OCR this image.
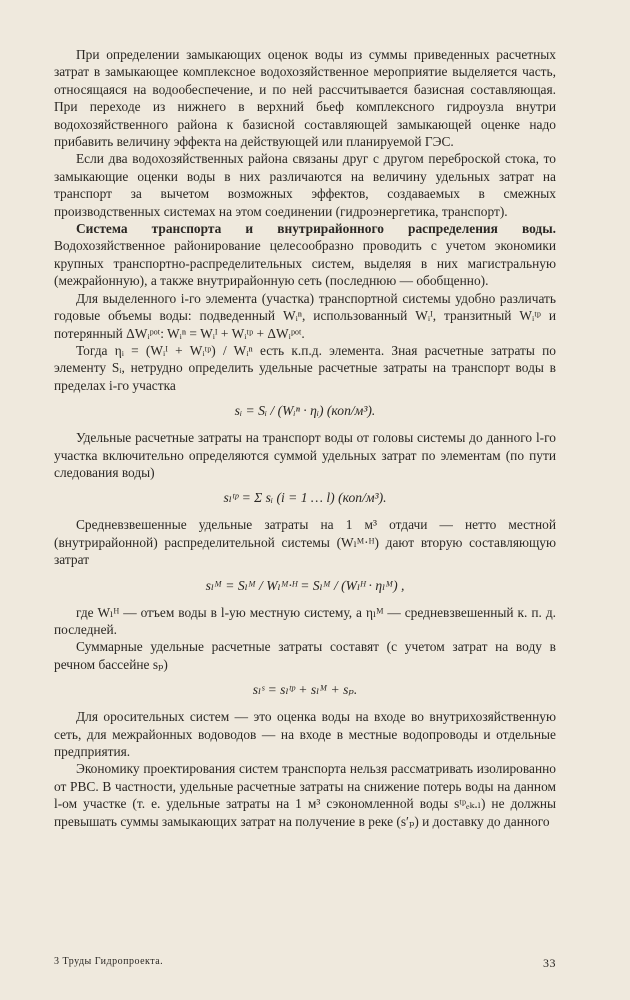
При определении замыкающих оценок воды из суммы приведенных расчетных затрат в замыкающее комплексное водохозяйственное мероприятие выделяется часть, относящаяся на водообеспечение, и по ней рассчитывается базисная составляющая. При переходе из нижнего в верхний бьеф комплексного гидроузла внутри водохозяйственного района к базисной составляющей замыкающей оценке надо прибавить величину эффекта на действующей или планируемой ГЭС.

Если два водохозяйственных района связаны друг с другом переброской стока, то замыкающие оценки воды в них различаются на величину удельных затрат на транспорт за вычетом возможных эффектов, создаваемых в смежных производственных системах на этом соединении (гидроэнергетика, транспорт).

Система транспорта и внутрирайонного распределения воды. Водохозяйственное районирование целесообразно проводить с учетом экономики крупных транспортно-распределительных систем, выделяя в них магистральную (межрайонную), а также внутрирайонную сеть (последнюю — обобщенно).

Для выделенного i-го элемента (участка) транспортной системы удобно различать годовые объемы воды: подведенный Wᵢⁿ, использованный Wᵢᴵ, транзитный Wᵢᵗᵖ и потерянный ΔWᵢᵖᵒᵗ: Wᵢⁿ = Wᵢᴵ + Wᵢᵗᵖ + ΔWᵢᵖᵒᵗ.

Тогда ηᵢ = (Wᵢᴵ + Wᵢᵗᵖ) / Wᵢⁿ есть к.п.д. элемента. Зная расчетные затраты по элементу Sᵢ, нетрудно определить удельные расчетные затраты на транспорт воды в пределах i-го участка

sᵢ = Sᵢ / (Wᵢⁿ · ηᵢ) (коп/м³).

Удельные расчетные затраты на транспорт воды от головы системы до данного l-го участка включительно определяются суммой удельных затрат по элементам (по пути следования воды)

sₗᵗᵖ = Σ sᵢ (i = 1 … l) (коп/м³).

Средневзвешенные удельные затраты на 1 м³ отдачи — нетто местной (внутрирайонной) распределительной системы (Wₗᴹ·ᴴ) дают вторую составляющую затрат

sₗᴹ = Sₗᴹ / Wₗᴹ·ᴴ = Sₗᴹ / (Wₗᴴ · ηₗᴹ) ,

где Wₗᴴ — отъем воды в l-ую местную систему, а ηₗᴹ — средневзвешенный к. п. д. последней.

Суммарные удельные расчетные затраты составят (с учетом затрат на воду в речном бассейне sₚ)

sₗˢ = sₗᵗᵖ + sₗᴹ + sₚ.

Для оросительных систем — это оценка воды на входе во внутрихозяйственную сеть, для межрайонных водоводов — на входе в местные водопроводы и отдельные предприятия.

Экономику проектирования систем транспорта нельзя рассматривать изолированно от РВС. В частности, удельные расчетные затраты на снижение потерь воды на данном l-ом участке (т. е. удельные затраты на 1 м³ сэкономленной воды sᵗᵖₑₖ.ₗ) не должны превышать суммы замыкающих затрат на получение в реке (s′ₚ) и доставку до данного

3 Труды Гидропроекта.	33
